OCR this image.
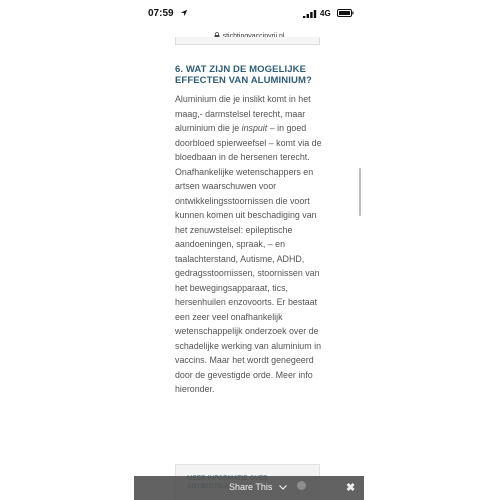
07:59	4G
6. WAT ZIJN DE MOGELIJKE EFFECTEN VAN ALUMINIUM?

Aluminium die je inslikt komt in het maag,- darmstelsel terecht, maar aluminium die je inspuit – in goed doorbloed spierweefsel – komt via de bloedbaan in de hersenen terecht. Onafhankelijke wetenschappers en artsen waarschuwen voor ontwikkelingsstoornissen die voort kunnen komen uit beschadiging van het zenuwstelsel: epileptische aandoeningen, spraak, – en taalachterstand, Autisme, ADHD, gedragsstoornissen, stoornissen van het bewegingsapparaat, tics, hersenhuilen enzovoorts. Er bestaat een zeer veel onafhankelijk wetenschappelijk onderzoek over de schadelijke werking van aluminium in vaccins. Maar het wordt genegeerd door de gevestigde orde. Meer info hieronder.

Share This	✖
